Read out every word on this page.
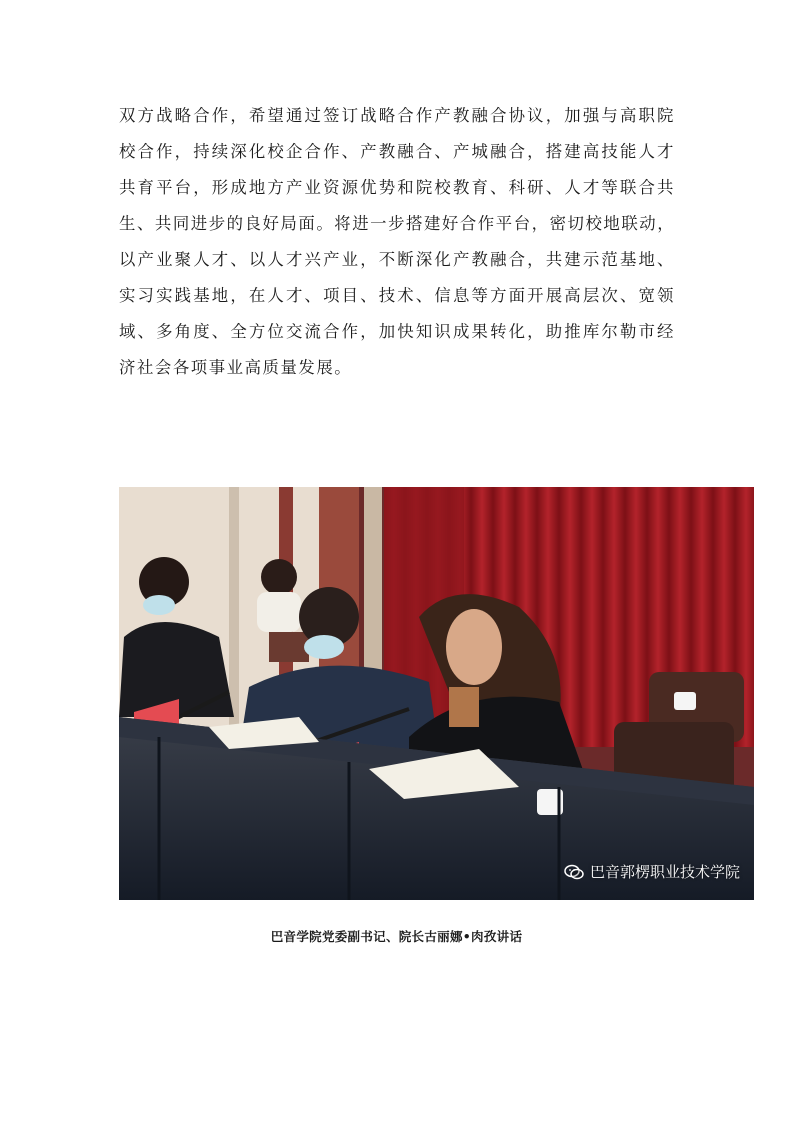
双方战略合作，希望通过签订战略合作产教融合协议，加强与高职院
校合作，持续深化校企合作、产教融合、产城融合，搭建高技能人才
共育平台，形成地方产业资源优势和院校教育、科研、人才等联合共
生、共同进步的良好局面。将进一步搭建好合作平台，密切校地联动，
以产业聚人才、以人才兴产业，不断深化产教融合，共建示范基地、
实习实践基地，在人才、项目、技术、信息等方面开展高层次、宽领
域、多角度、全方位交流合作，加快知识成果转化，助推库尔勒市经
济社会各项事业高质量发展。
巴音郭楞职业技术学院
巴音学院党委副书记、院长古丽娜•肉孜讲话
